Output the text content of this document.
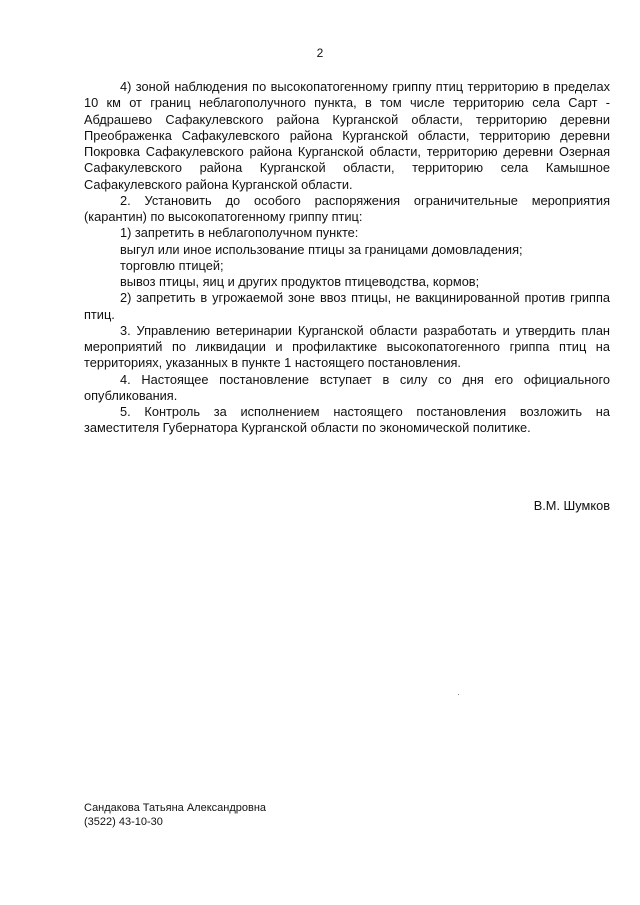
2

4) зоной наблюдения по высокопатогенному гриппу птиц территорию в пределах 10 км от границ неблагополучного пункта, в том числе территорию села Сарт - Абдрашево Сафакулевского района Курганской области, территорию деревни Преображенка Сафакулевского района Курганской области, территорию деревни Покровка Сафакулевского района Курганской области, территорию деревни Озерная Сафакулевского района Курганской области, территорию села Камышное Сафакулевского района Курганской области.

2. Установить до особого распоряжения ограничительные мероприятия (карантин) по высокопатогенному гриппу птиц:

1) запретить в неблагополучном пункте:

выгул или иное использование птицы за границами домовладения;

торговлю птицей;

вывоз птицы, яиц и других продуктов птицеводства, кормов;

2) запретить в угрожаемой зоне ввоз птицы, не вакцинированной против гриппа птиц.

3. Управлению ветеринарии Курганской области разработать и утвердить план мероприятий по ликвидации и профилактике высокопатогенного гриппа птиц на территориях, указанных в пункте 1 настоящего постановления.

4. Настоящее постановление вступает в силу со дня его официального опубликования.

5. Контроль за исполнением настоящего постановления возложить на заместителя Губернатора Курганской области по экономической политике.

В.М. Шумков
Сандакова Татьяна Александровна
(3522) 43-10-30
